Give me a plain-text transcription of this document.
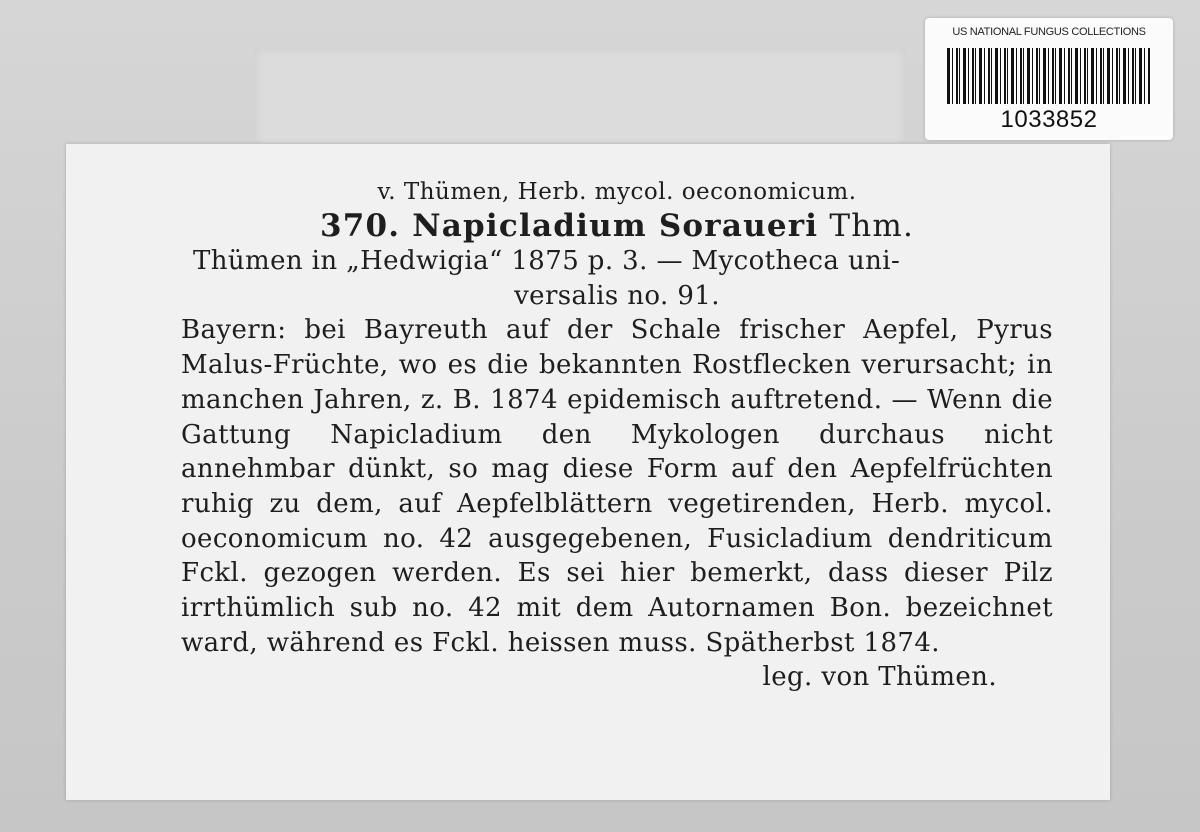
US NATIONAL FUNGUS COLLECTIONS
1033852
v. Thümen, Herb. mycol. oeconomicum.
370. Napicladium Sorauerі Thm.
Thümen in „Hedwigia“ 1875 p. 3. — Mycotheca uni-
versalis no. 91.
Bayern: bei Bayreuth auf der Schale frischer Aepfel, Pyrus Malus-Früchte, wo es die bekannten Rostflecken verursacht; in manchen Jahren, z. B. 1874 epidemisch auftretend. — Wenn die Gattung Napicladium den Mykologen durchaus nicht annehmbar dünkt, so mag diese Form auf den Aepfelfrüchten ruhig zu dem, auf Aepfelblättern vegetirenden, Herb. mycol. oeconomicum no. 42 ausgegebenen, Fusicladium dendriticum Fckl. gezogen werden. Es sei hier bemerkt, dass dieser Pilz irrthümlich sub no. 42 mit dem Autornamen Bon. bezeichnet ward, während es Fckl. heissen muss. Spätherbst 1874.
leg. von Thümen.
